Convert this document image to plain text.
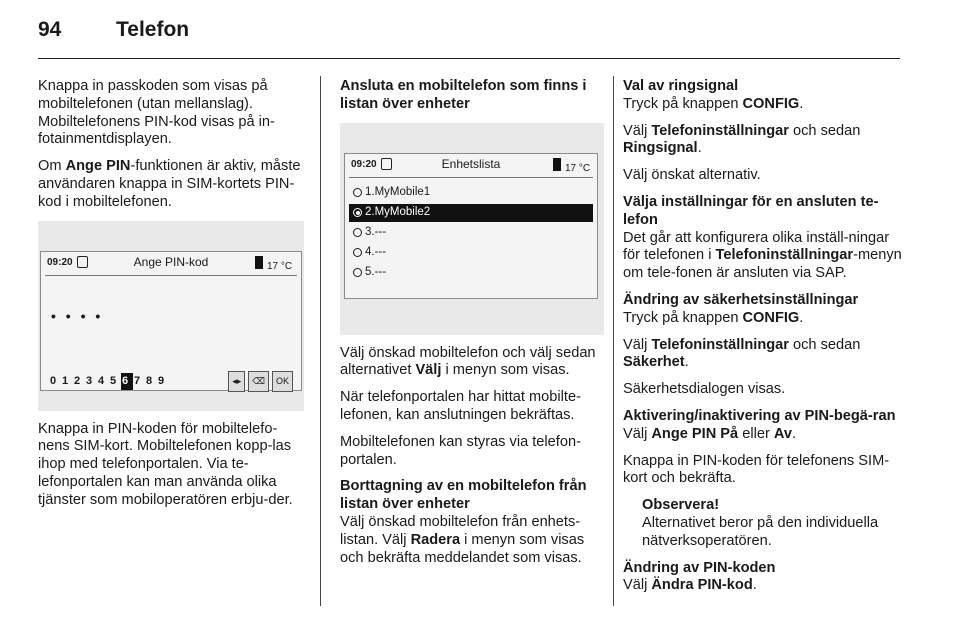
94	Telefon

Knappa in passkoden som visas på mobiltelefonen (utan mellanslag). Mobiltelefonens PIN-kod visas på in-fotainmentdisplayen.

Om Ange PIN-funktionen är aktiv, måste användaren knappa in SIM-kortets PIN-kod i mobiltelefonen.

09:20	Ange PIN-kod	17 °C
• • • •
0 1 2 3 4 5 6 7 8 9	◂▸	⌫	OK

Knappa in PIN-koden för mobiltelefo-nens SIM-kort. Mobiltelefonen kopp-las ihop med telefonportalen. Via te-lefonportalen kan man använda olika tjänster som mobiloperatören erbju-der.

Ansluta en mobiltelefon som finns i listan över enheter

09:20	Enhetslista	17 °C
1.MyMobile1
2.MyMobile2
3.---
4.---
5.---

Välj önskad mobiltelefon och välj sedan alternativet Välj i menyn som visas.

När telefonportalen har hittat mobilte-lefonen, kan anslutningen bekräftas.

Mobiltelefonen kan styras via telefon-portalen.

Borttagning av en mobiltelefon från listan över enheter

Välj önskad mobiltelefon från enhets-listan. Välj Radera i menyn som visas och bekräfta meddelandet som visas.

Val av ringsignal

Tryck på knappen CONFIG.

Välj Telefoninställningar och sedan Ringsignal.

Välj önskat alternativ.

Välja inställningar för en ansluten te-lefon

Det går att konfigurera olika inställ-ningar för telefonen i Telefoninställningar-menyn om tele-fonen är ansluten via SAP.

Ändring av säkerhetsinställningar

Tryck på knappen CONFIG.

Välj Telefoninställningar och sedan Säkerhet.

Säkerhetsdialogen visas.

Aktivering/inaktivering av PIN-begä-ran

Välj Ange PIN På eller Av.

Knappa in PIN-koden för telefonens SIM-kort och bekräfta.

Observera!
Alternativet beror på den individuella nätverksoperatören.

Ändring av PIN-koden

Välj Ändra PIN-kod.
